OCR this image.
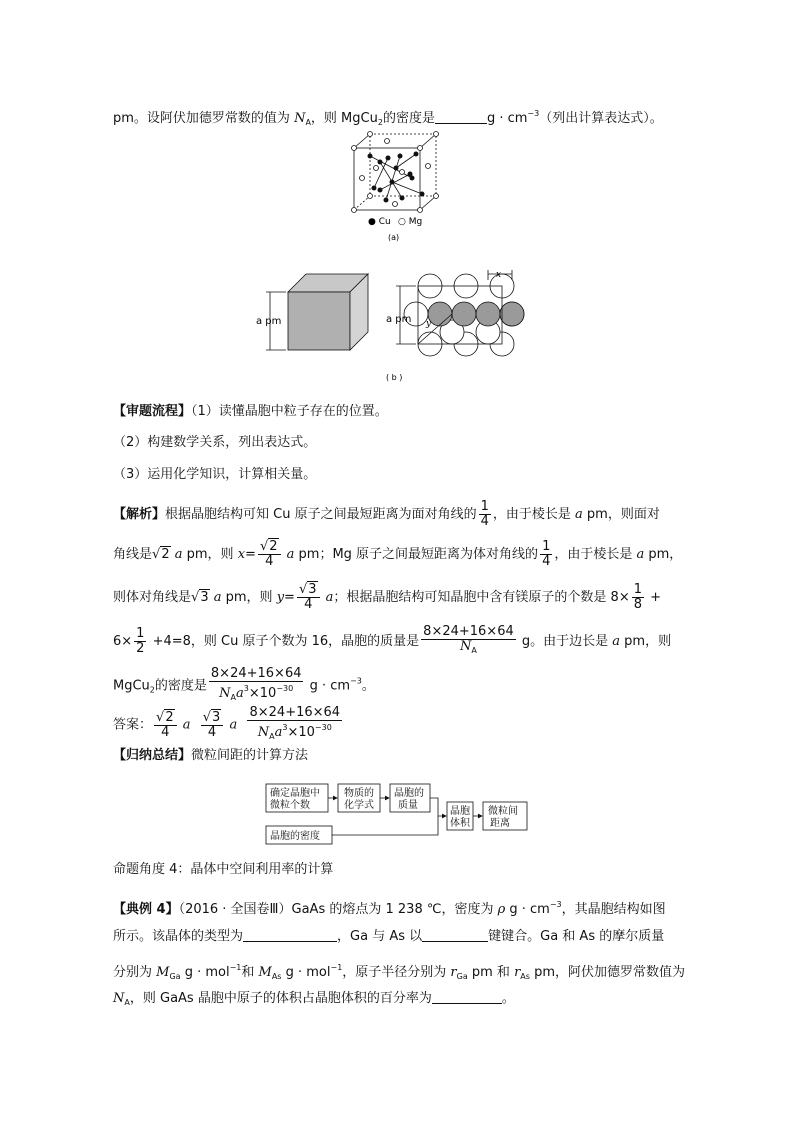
pm。设阿伏加德罗常数的值为 $N_A$，则 MgCu$_2$的密度是	$g \cdot cm^{-3}$（列出计算表达式）。
● Cu ○ Mg
(a)
a pm	a pm
x
y
( b )
【审题流程】（1）读懂晶胞中粒子存在的位置。
（2）构建数学关系，列出表达式。
（3）运用化学知识，计算相关量。
【解析】根据晶胞结构可知 Cu 原子之间最短距离为面对角线的 $\frac{1}{4}$ ，由于棱长是 a pm，则面对
角线是√2 a pm，则 $x= \frac{√2}{4}$ a pm；Mg 原子之间最短距离为体对角线的 $\frac{1}{4}$ ，由于棱长是 a pm，
则体对角线是√3 a pm，则 $y= \frac{√3}{4}$ a；根据晶胞结构可知晶胞中含有镁原子的个数是 $8\times \frac{1}{8}$ +
$6\times \frac{1}{2} +4=8$，则 Cu 原子个数为 16，晶胞的质量是 $\frac{8\times 24+16\times 64}{N_A}$ g。由于边长是 a pm，则
MgCu$_2$的密度是 $\frac{8\times 24+16\times 64}{N_Aa^3\times 10^{-30}}$ $g \cdot cm^{-3}$。
答案： $\frac{√2}{4}$ a $\frac{√3}{4}$ a $\frac{8\times 24+16\times 64}{N_Aa^3\times 10^{-30}}$
【归纳总结】微粒间距的计算方法
确定晶胞中
微粒个数
物质的
化学式
晶胞的
质量
晶胞
体积
微粒间
距离
晶胞的密度
命题角度 4：晶体中空间利用率的计算
【典例 4】（2016 · 全国卷Ⅲ）GaAs 的熔点为 1 238 ℃，密度为 ρ $g \cdot cm^{-3}$，其晶胞结构如图
所示。该晶体的类型为	，Ga 与 As 以	键键合。Ga 和 As 的摩尔质量
分别为 $M_{Ga}$ g · mol$^{-1}$和 $M_{As}$ g · mol$^{-1}$，原子半径分别为 $r_{Ga}$ pm 和 $r_{As}$ pm，阿伏加德罗常数值为
$N_A$，则 GaAs 晶胞中原子的体积占晶胞体积的百分率为	。
